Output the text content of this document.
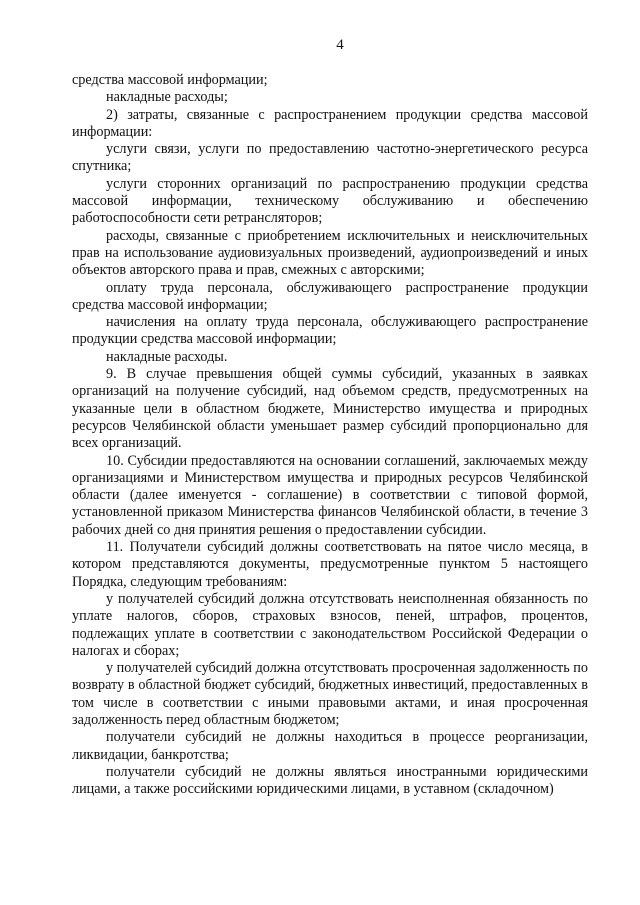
4

средства массовой информации;

накладные расходы;

2) затраты, связанные с распространением продукции средства массовой информации:

услуги связи, услуги по предоставлению частотно-энергетического ресурса спутника;

услуги сторонних организаций по распространению продукции средства массовой информации, техническому обслуживанию и обеспечению работоспособности сети ретрансляторов;

расходы, связанные с приобретением исключительных и неисключительных прав на использование аудиовизуальных произведений, аудиопроизведений и иных объектов авторского права и прав, смежных с авторскими;

оплату труда персонала, обслуживающего распространение продукции средства массовой информации;

начисления на оплату труда персонала, обслуживающего распространение продукции средства массовой информации;

накладные расходы.

9. В случае превышения общей суммы субсидий, указанных в заявках организаций на получение субсидий, над объемом средств, предусмотренных на указанные цели в областном бюджете, Министерство имущества и природных ресурсов Челябинской области уменьшает размер субсидий пропорционально для всех организаций.

10. Субсидии предоставляются на основании соглашений, заключаемых между организациями и Министерством имущества и природных ресурсов Челябинской области (далее именуется - соглашение) в соответствии с типовой формой, установленной приказом Министерства финансов Челябинской области, в течение 3 рабочих дней со дня принятия решения о предоставлении субсидии.

11. Получатели субсидий должны соответствовать на пятое число месяца, в котором представляются документы, предусмотренные пунктом 5 настоящего Порядка, следующим требованиям:

у получателей субсидий должна отсутствовать неисполненная обязанность по уплате налогов, сборов, страховых взносов, пеней, штрафов, процентов, подлежащих уплате в соответствии с законодательством Российской Федерации о налогах и сборах;

у получателей субсидий должна отсутствовать просроченная задолженность по возврату в областной бюджет субсидий, бюджетных инвестиций, предоставленных в том числе в соответствии с иными правовыми актами, и иная просроченная задолженность перед областным бюджетом;

получатели субсидий не должны находиться в процессе реорганизации, ликвидации, банкротства;

получатели субсидий не должны являться иностранными юридическими лицами, а также российскими юридическими лицами, в уставном (складочном)
